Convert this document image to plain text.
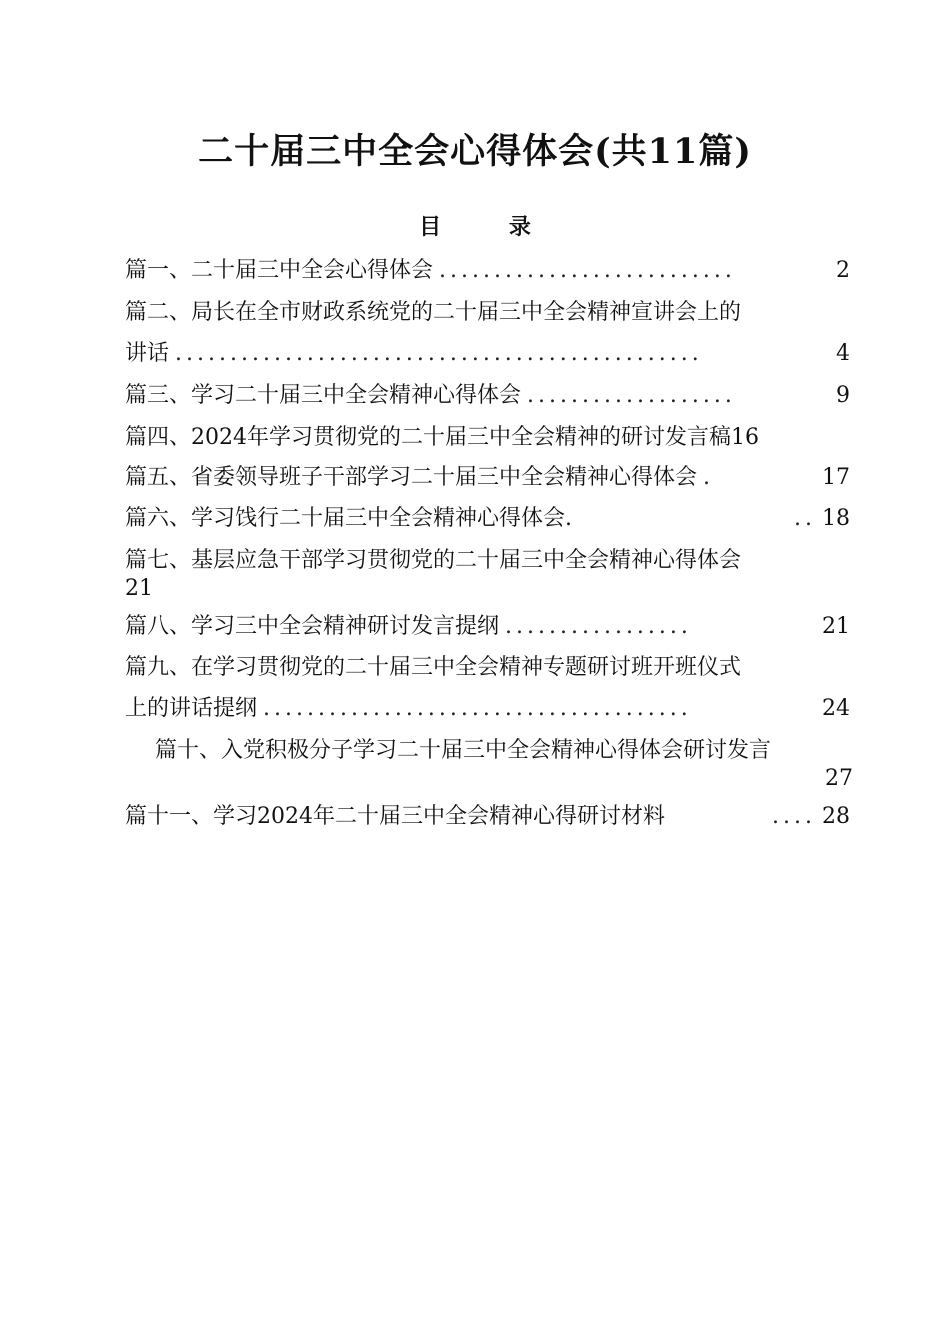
二十届三中全会心得体会(共11篇)
目 录
篇一、二十届三中全会心得体会 ...........................	2
篇二、局长在全市财政系统党的二十届三中全会精神宣讲会上的
讲话 ................................................	4
篇三、学习二十届三中全会精神心得体会 ...................	9
篇四、2024年学习贯彻党的二十届三中全会精神的研讨发言稿 16
篇五、省委领导班子干部学习二十届三中全会精神心得体会 .	17
篇六、学习饯行二十届三中全会精神心得体会.	.. 18
篇七、基层应急干部学习贯彻党的二十届三中全会精神心得体会
21
篇八、学习三中全会精神研讨发言提纲 .................	21
篇九、在学习贯彻党的二十届三中全会精神专题研讨班开班仪式
上的讲话提纲 .......................................	24
篇十、入党积极分子学习二十届三中全会精神心得体会研讨发言
27
篇十一、学习2024年二十届三中全会精神心得研讨材料	.... 28
